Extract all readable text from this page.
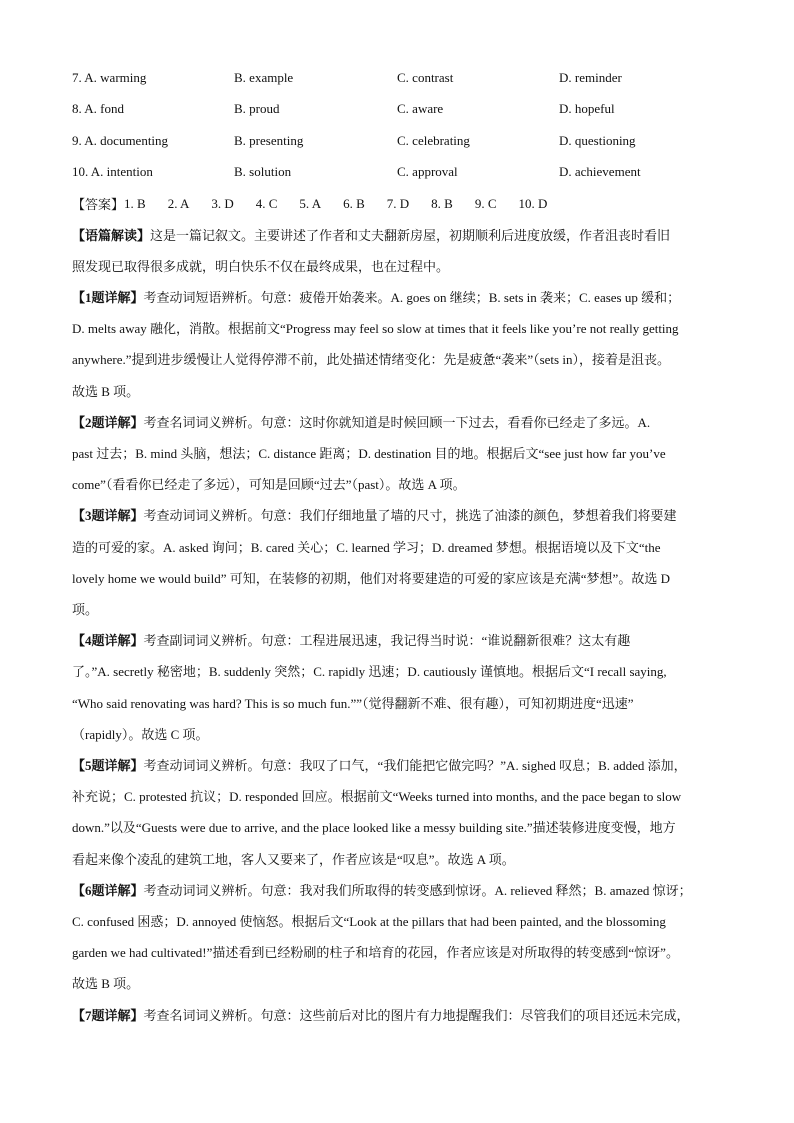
7. A. warming	B. example	C. contrast	D. reminder
8. A. fond	B. proud	C. aware	D. hopeful
9. A. documenting	B. presenting	C. celebrating	D. questioning
10. A. intention	B. solution	C. approval	D. achievement
【答案】 1. B 2. A 3. D 4. C 5. A 6. B 7. D 8. B 9. C 10. D
【语篇解读】这是一篇记叙文。主要讲述了作者和丈夫翻新房屋，初期顺利后进度放缓，作者沮丧时看旧
照发现已取得很多成就，明白快乐不仅在最终成果，也在过程中。
【1题详解】考查动词短语辨析。句意：疲倦开始袭来。A. goes on 继续；B. sets in 袭来；C. eases up 缓和；
D. melts away 融化，消散。根据前文“Progress may feel so slow at times that it feels like you’re not really getting
anywhere.”提到进步缓慢让人觉得停滞不前，此处描述情绪变化：先是疲惫“袭来”（sets in），接着是沮丧。
故选 B 项。
【2题详解】考查名词词义辨析。句意：这时你就知道是时候回顾一下过去，看看你已经走了多远。A.
past 过去；B. mind 头脑，想法；C. distance 距离；D. destination 目的地。根据后文“see just how far you’ve
come”（看看你已经走了多远），可知是回顾“过去”（past）。故选 A 项。
【3题详解】考查动词词义辨析。句意：我们仔细地量了墙的尺寸，挑选了油漆的颜色，梦想着我们将要建
造的可爱的家。A. asked 询问；B. cared 关心；C. learned 学习；D. dreamed 梦想。根据语境以及下文“the
lovely home we would build” 可知，在装修的初期，他们对将要建造的可爱的家应该是充满“梦想”。故选 D
项。
【4题详解】考查副词词义辨析。句意：工程进展迅速，我记得当时说：“谁说翻新很难？这太有趣
了。”A. secretly 秘密地；B. suddenly 突然；C. rapidly 迅速；D. cautiously 谨慎地。根据后文“I recall saying,
“Who said renovating was hard? This is so much fun.””（觉得翻新不难、很有趣），可知初期进度“迅速”
（rapidly）。故选 C 项。
【5题详解】考查动词词义辨析。句意：我叹了口气，“我们能把它做完吗？”A. sighed 叹息；B. added 添加，
补充说；C. protested 抗议；D. responded 回应。根据前文“Weeks turned into months, and the pace began to slow
down.”以及“Guests were due to arrive, and the place looked like a messy building site.”描述装修进度变慢，地方
看起来像个凌乱的建筑工地，客人又要来了，作者应该是“叹息”。故选 A 项。
【6题详解】考查动词词义辨析。句意：我对我们所取得的转变感到惊讶。A. relieved 释然；B. amazed 惊讶；
C. confused 困惑；D. annoyed 使恼怒。根据后文“Look at the pillars that had been painted, and the blossoming
garden we had cultivated!”描述看到已经粉刷的柱子和培育的花园，作者应该是对所取得的转变感到“惊讶”。
故选 B 项。
【7题详解】考查名词词义辨析。句意：这些前后对比的图片有力地提醒我们：尽管我们的项目还远未完成，
